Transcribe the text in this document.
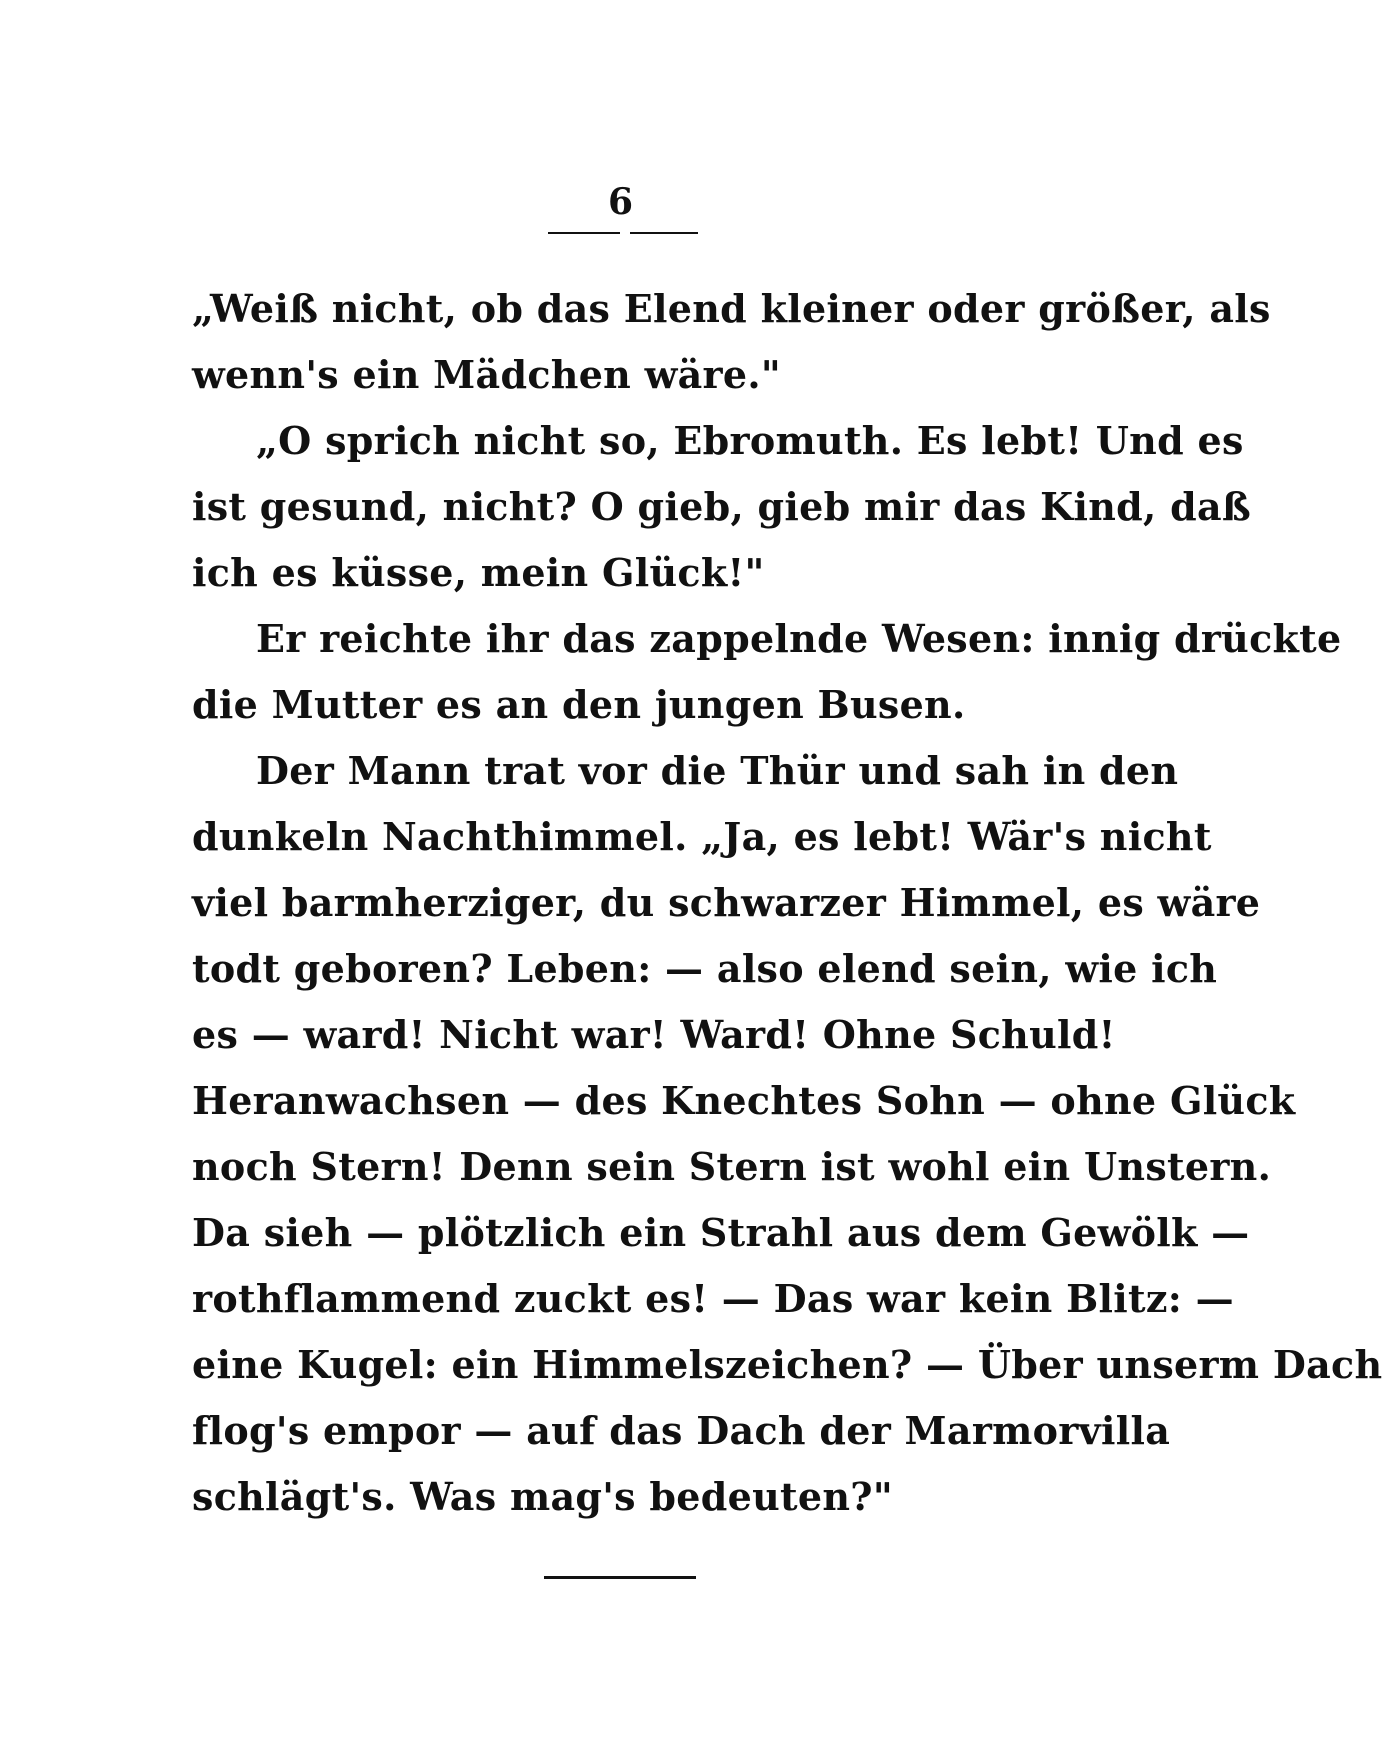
6
„Weiß nicht, ob das Elend kleiner oder größer, als
wenn's ein Mädchen wäre."
„O sprich nicht so, Ebromuth. Es lebt! Und es
ist gesund, nicht? O gieb, gieb mir das Kind, daß
ich es küsse, mein Glück!"
Er reichte ihr das zappelnde Wesen: innig drückte
die Mutter es an den jungen Busen.
Der Mann trat vor die Thür und sah in den
dunkeln Nachthimmel. „Ja, es lebt! Wär's nicht
viel barmherziger, du schwarzer Himmel, es wäre
todt geboren? Leben: — also elend sein, wie ich
es — ward! Nicht war! Ward! Ohne Schuld!
Heranwachsen — des Knechtes Sohn — ohne Glück
noch Stern! Denn sein Stern ist wohl ein Unstern.
Da sieh — plötzlich ein Strahl aus dem Gewölk —
rothflammend zuckt es! — Das war kein Blitz: —
eine Kugel: ein Himmelszeichen? — Über unserm Dach
flog's empor — auf das Dach der Marmorvilla
schlägt's. Was mag's bedeuten?"
